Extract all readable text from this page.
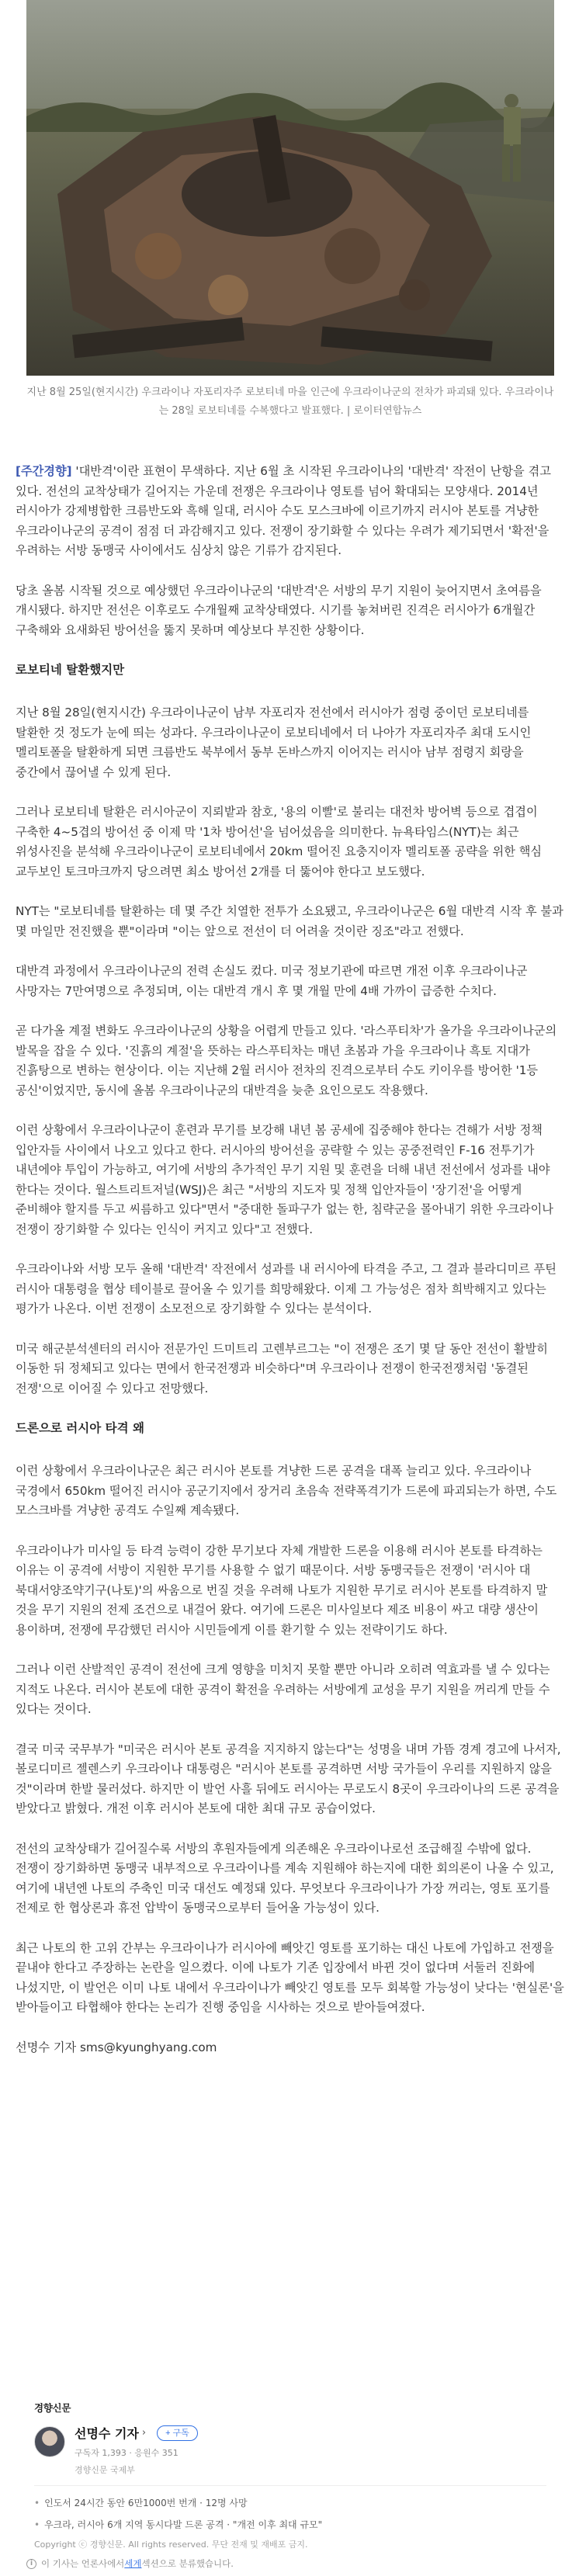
지난 8월 25일(현지시간) 우크라이나 자포리자주 로보티네 마을 인근에 우크라이나군의 전차가 파괴돼 있다. 우크라이나는 28일 로보티네를 수복했다고 발표했다. | 로이터연합뉴스

[주간경향] '대반격'이란 표현이 무색하다. 지난 6월 초 시작된 우크라이나의 '대반격' 작전이 난항을 겪고 있다. 전선의 교착상태가 길어지는 가운데 전쟁은 우크라이나 영토를 넘어 확대되는 모양새다. 2014년 러시아가 강제병합한 크름반도와 흑해 일대, 러시아 수도 모스크바에 이르기까지 러시아 본토를 겨냥한 우크라이나군의 공격이 점점 더 과감해지고 있다. 전쟁이 장기화할 수 있다는 우려가 제기되면서 '확전'을 우려하는 서방 동맹국 사이에서도 심상치 않은 기류가 감지된다.

당초 올봄 시작될 것으로 예상했던 우크라이나군의 '대반격'은 서방의 무기 지원이 늦어지면서 초여름을 개시됐다. 하지만 전선은 이후로도 수개월째 교착상태였다. 시기를 놓쳐버린 진격은 러시아가 6개월간 구축해와 요새화된 방어선을 뚫지 못하며 예상보다 부진한 상황이다.

로보티네 탈환했지만

지난 8월 28일(현지시간) 우크라이나군이 남부 자포리자 전선에서 러시아가 점령 중이던 로보티네를 탈환한 것 정도가 눈에 띄는 성과다. 우크라이나군이 로보티네에서 더 나아가 자포리자주 최대 도시인 멜리토폴을 탈환하게 되면 크름반도 북부에서 동부 돈바스까지 이어지는 러시아 남부 점령지 회랑을 중간에서 끊어낼 수 있게 된다.

그러나 로보티네 탈환은 러시아군이 지뢰밭과 참호, '용의 이빨'로 불리는 대전차 방어벽 등으로 겹겹이 구축한 4~5겹의 방어선 중 이제 막 '1차 방어선'을 넘어섰음을 의미한다. 뉴욕타임스(NYT)는 최근 위성사진을 분석해 우크라이나군이 로보티네에서 20km 떨어진 요충지이자 멜리토폴 공략을 위한 핵심 교두보인 토크마크까지 당으려면 최소 방어선 2개를 더 뚫어야 한다고 보도했다.

NYT는 "로보티네를 탈환하는 데 몇 주간 치열한 전투가 소요됐고, 우크라이나군은 6월 대반격 시작 후 불과 몇 마일만 전진했을 뿐"이라며 "이는 앞으로 전선이 더 어려울 것이란 징조"라고 전했다.

대반격 과정에서 우크라이나군의 전력 손실도 컸다. 미국 정보기관에 따르면 개전 이후 우크라이나군 사망자는 7만여명으로 추정되며, 이는 대반격 개시 후 몇 개월 만에 4배 가까이 급증한 수치다.

곧 다가올 계절 변화도 우크라이나군의 상황을 어렵게 만들고 있다. '라스푸티차'가 올가을 우크라이나군의 발목을 잡을 수 있다. '진흙의 계절'을 뜻하는 라스푸티차는 매년 초봄과 가을 우크라이나 흑토 지대가 진흙탕으로 변하는 현상이다. 이는 지난해 2월 러시아 전차의 진격으로부터 수도 키이우를 방어한 '1등 공신'이었지만, 동시에 올봄 우크라이나군의 대반격을 늦춘 요인으로도 작용했다.

이런 상황에서 우크라이나군이 훈련과 무기를 보강해 내년 봄 공세에 집중해야 한다는 견해가 서방 정책 입안자들 사이에서 나오고 있다고 한다. 러시아의 방어선을 공략할 수 있는 공중전력인 F-16 전투기가 내년에야 투입이 가능하고, 여기에 서방의 추가적인 무기 지원 및 훈련을 더해 내년 전선에서 성과를 내야 한다는 것이다. 월스트리트저널(WSJ)은 최근 "서방의 지도자 및 정책 입안자들이 '장기전'을 어떻게 준비해야 할지를 두고 씨름하고 있다"면서 "중대한 돌파구가 없는 한, 침략군을 몰아내기 위한 우크라이나 전쟁이 장기화할 수 있다는 인식이 커지고 있다"고 전했다.

우크라이나와 서방 모두 올해 '대반격' 작전에서 성과를 내 러시아에 타격을 주고, 그 결과 블라디미르 푸틴 러시아 대통령을 협상 테이블로 끌어올 수 있기를 희망해왔다. 이제 그 가능성은 점차 희박해지고 있다는 평가가 나온다. 이번 전쟁이 소모전으로 장기화할 수 있다는 분석이다.

미국 해군분석센터의 러시아 전문가인 드미트리 고렌부르그는 "이 전쟁은 조기 몇 달 동안 전선이 활발히 이동한 뒤 정체되고 있다는 면에서 한국전쟁과 비슷하다"며 우크라이나 전쟁이 한국전쟁처럼 '동결된 전쟁'으로 이어질 수 있다고 전망했다.

드론으로 러시아 타격 왜

이런 상황에서 우크라이나군은 최근 러시아 본토를 겨냥한 드론 공격을 대폭 늘리고 있다. 우크라이나 국경에서 650km 떨어진 러시아 공군기지에서 장거리 초음속 전략폭격기가 드론에 파괴되는가 하면, 수도 모스크바를 겨냥한 공격도 수일째 계속됐다.

우크라이나가 미사일 등 타격 능력이 강한 무기보다 자체 개발한 드론을 이용해 러시아 본토를 타격하는 이유는 이 공격에 서방이 지원한 무기를 사용할 수 없기 때문이다. 서방 동맹국들은 전쟁이 '러시아 대 북대서양조약기구(나토)'의 싸움으로 번질 것을 우려해 나토가 지원한 무기로 러시아 본토를 타격하지 말 것을 무기 지원의 전제 조건으로 내걸어 왔다. 여기에 드론은 미사일보다 제조 비용이 싸고 대량 생산이 용이하며, 전쟁에 무감했던 러시아 시민들에게 이를 환기할 수 있는 전략이기도 하다.

그러나 이런 산발적인 공격이 전선에 크게 영향을 미치지 못할 뿐만 아니라 오히려 역효과를 낼 수 있다는 지적도 나온다. 러시아 본토에 대한 공격이 확전을 우려하는 서방에게 교성을 무기 지원을 꺼리게 만들 수 있다는 것이다.

결국 미국 국무부가 "미국은 러시아 본토 공격을 지지하지 않는다"는 성명을 내며 가뜸 경계 경고에 나서자, 볼로디미르 젤렌스키 우크라이나 대통령은 "러시아 본토를 공격하면 서방 국가들이 우리를 지원하지 않을 것"이라며 한발 물러섰다. 하지만 이 발언 사흘 뒤에도 러시아는 무로도시 8곳이 우크라이나의 드론 공격을 받았다고 밝혔다. 개전 이후 러시아 본토에 대한 최대 규모 공습이었다.

전선의 교착상태가 길어질수록 서방의 후원자들에게 의존해온 우크라이나로선 조급해질 수밖에 없다. 전쟁이 장기화하면 동맹국 내부적으로 우크라이나를 계속 지원해야 하는지에 대한 회의론이 나올 수 있고, 여기에 내년엔 나토의 주축인 미국 대선도 예정돼 있다. 무엇보다 우크라이나가 가장 꺼리는, 영토 포기를 전제로 한 협상론과 휴전 압박이 동맹국으로부터 들어올 가능성이 있다.

최근 나토의 한 고위 간부는 우크라이나가 러시아에 빼앗긴 영토를 포기하는 대신 나토에 가입하고 전쟁을 끝내야 한다고 주장하는 논란을 일으켰다. 이에 나토가 기존 입장에서 바뀐 것이 없다며 서둘러 진화에 나섰지만, 이 발언은 이미 나토 내에서 우크라이나가 빼앗긴 영토를 모두 회복할 가능성이 낮다는 '현실론'을 받아들이고 타협해야 한다는 논리가 진행 중임을 시사하는 것으로 받아들여졌다.

선명수 기자 sms@kyunghyang.com

경향신문
선명수 기자 ›	+ 구독
구독자 1,393 · 응원수 351
경향신문 국제부
• 인도서 24시간 동안 6만1000번 번개 · 12명 사망
• 우크라, 러시아 6개 지역 동시다발 드론 공격 · "개전 이후 최대 규모"
Copyright ⓒ 경향신문. All rights reserved. 무단 전재 및 재배포 금지.
i 이 기사는 언론사에서 세계 섹션으로 분류했습니다.
